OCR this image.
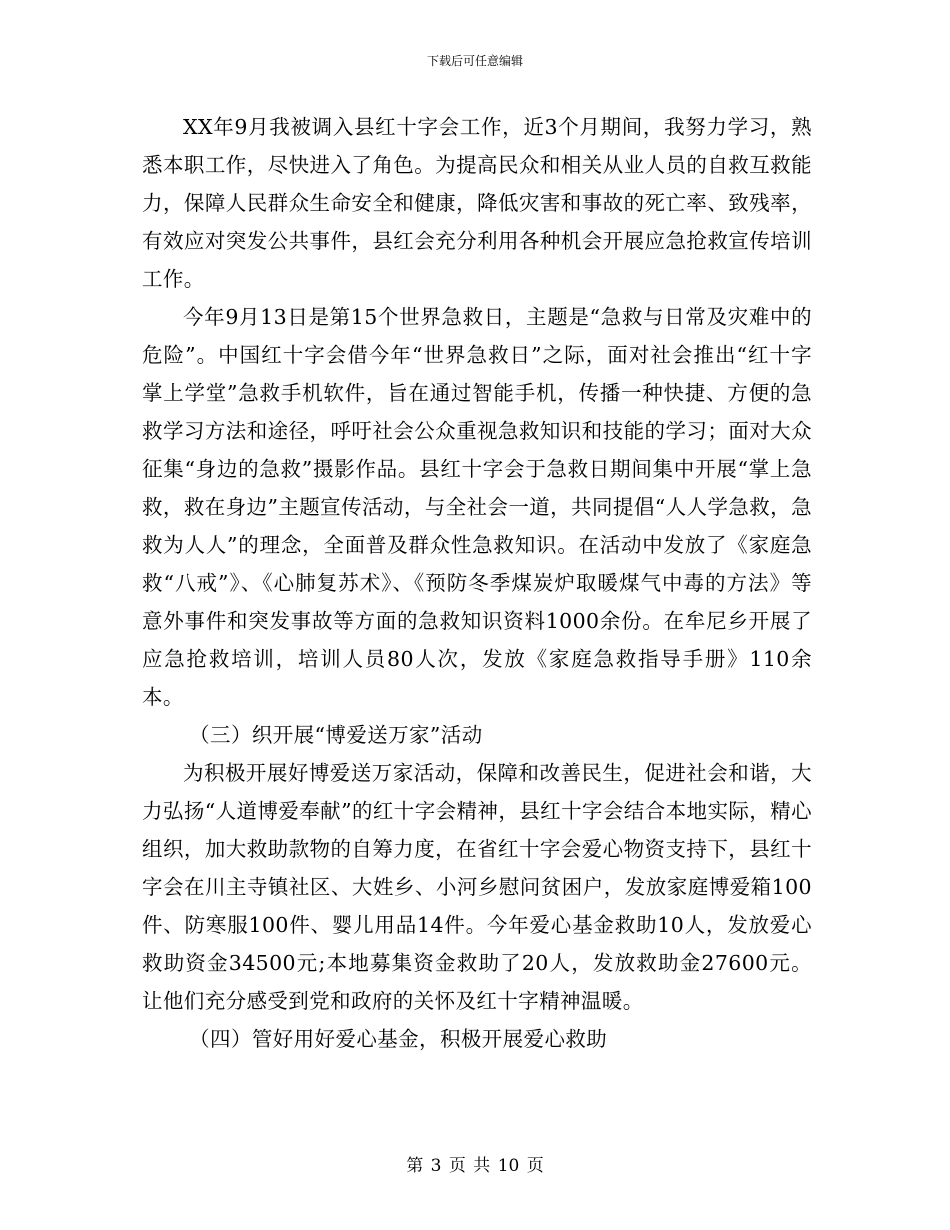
下载后可任意编辑

XX年9月我被调入县红十字会工作，近3个月期间，我努力学习，熟悉本职工作，尽快进入了角色。为提高民众和相关从业人员的自救互救能力，保障人民群众生命安全和健康，降低灾害和事故的死亡率、致残率，有效应对突发公共事件，县红会充分利用各种机会开展应急抢救宣传培训工作。

今年9月13日是第15个世界急救日，主题是“急救与日常及灾难中的危险”。中国红十字会借今年“世界急救日”之际，面对社会推出“红十字掌上学堂”急救手机软件，旨在通过智能手机，传播一种快捷、方便的急救学习方法和途径，呼吁社会公众重视急救知识和技能的学习；面对大众征集“身边的急救”摄影作品。县红十字会于急救日期间集中开展“掌上急救，救在身边”主题宣传活动，与全社会一道，共同提倡“人人学急救，急救为人人”的理念，全面普及群众性急救知识。在活动中发放了《家庭急救“八戒”》、《心肺复苏术》、《预防冬季煤炭炉取暖煤气中毒的方法》等意外事件和突发事故等方面的急救知识资料1000余份。在牟尼乡开展了应急抢救培训，培训人员80人次，发放《家庭急救指导手册》110余本。

（三）织开展“博爱送万家”活动

为积极开展好博爱送万家活动，保障和改善民生，促进社会和谐，大力弘扬“人道博爱奉献”的红十字会精神，县红十字会结合本地实际，精心组织，加大救助款物的自筹力度，在省红十字会爱心物资支持下，县红十字会在川主寺镇社区、大姓乡、小河乡慰问贫困户，发放家庭博爱箱100件、防寒服100件、婴儿用品14件。今年爱心基金救助10人，发放爱心救助资金34500元;本地募集资金救助了20人，发放救助金27600元。让他们充分感受到党和政府的关怀及红十字精神温暖。

（四）管好用好爱心基金，积极开展爱心救助

第 3 页 共 10 页
